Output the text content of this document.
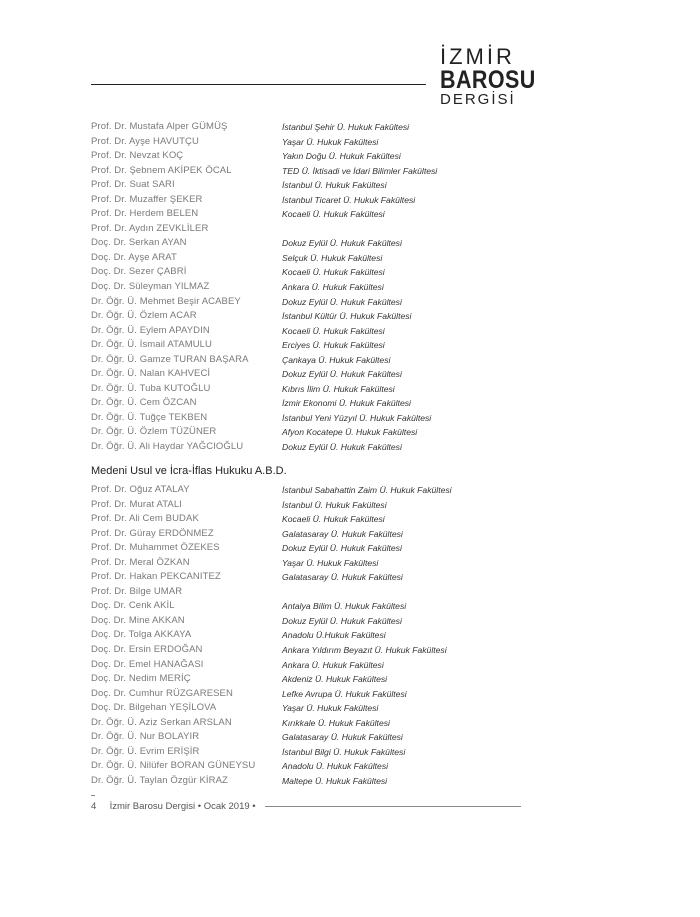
İZMİR
BAROSU
DERGİSİ
Prof. Dr. Mustafa Alper GÜMÜŞ	İstanbul Şehir Ü. Hukuk Fakültesi
Prof. Dr. Ayşe HAVUTÇU	Yaşar Ü. Hukuk Fakültesi
Prof. Dr. Nevzat KOÇ	Yakın Doğu Ü. Hukuk Fakültesi
Prof. Dr. Şebnem AKİPEK ÖCAL	TED Ü. İktisadi ve İdari Bilimler Fakültesi
Prof. Dr. Suat SARI	İstanbul Ü. Hukuk Fakültesi
Prof. Dr. Muzaffer ŞEKER	İstanbul Ticaret Ü. Hukuk Fakültesi
Prof. Dr. Herdem BELEN	Kocaeli Ü. Hukuk Fakültesi
Prof. Dr. Aydın ZEVKLİLER
Doç. Dr. Serkan AYAN	Dokuz Eylül Ü. Hukuk Fakültesi
Doç. Dr. Ayşe ARAT	Selçuk Ü. Hukuk Fakültesi
Doç. Dr. Sezer ÇABRİ	Kocaeli Ü. Hukuk Fakültesi
Doç. Dr. Süleyman YILMAZ	Ankara Ü. Hukuk Fakültesi
Dr. Öğr. Ü. Mehmet Beşir ACABEY	Dokuz Eylül Ü. Hukuk Fakültesi
Dr. Öğr. Ü. Özlem ACAR	İstanbul Kültür Ü. Hukuk Fakültesi
Dr. Öğr. Ü. Eylem APAYDIN	Kocaeli Ü. Hukuk Fakültesi
Dr. Öğr. Ü. İsmail ATAMULU	Erciyes Ü. Hukuk Fakültesi
Dr. Öğr. Ü. Gamze TURAN BAŞARA	Çankaya Ü. Hukuk Fakültesi
Dr. Öğr. Ü. Nalan KAHVECİ	Dokuz Eylül Ü. Hukuk Fakültesi
Dr. Öğr. Ü. Tuba KUTOĞLU	Kıbrıs İlim Ü. Hukuk Fakültesi
Dr. Öğr. Ü. Cem ÖZCAN	İzmir Ekonomi Ü. Hukuk Fakültesi
Dr. Öğr. Ü. Tuğçe TEKBEN	İstanbul Yeni Yüzyıl Ü. Hukuk Fakültesi
Dr. Öğr. Ü. Özlem TÜZÜNER	Afyon Kocatepe Ü. Hukuk Fakültesi
Dr. Öğr. Ü. Ali Haydar YAĞCIOĞLU	Dokuz Eylül Ü. Hukuk Fakültesi
Medeni Usul ve İcra-İflas Hukuku A.B.D.
Prof. Dr. Oğuz ATALAY	İstanbul Sabahattin Zaim Ü. Hukuk Fakültesi
Prof. Dr. Murat ATALI	İstanbul Ü. Hukuk Fakültesi
Prof. Dr. Ali Cem BUDAK	Kocaeli Ü. Hukuk Fakültesi
Prof. Dr. Güray ERDÖNMEZ	Galatasaray Ü. Hukuk Fakültesi
Prof. Dr. Muhammet ÖZEKES	Dokuz Eylül Ü. Hukuk Fakültesi
Prof. Dr. Meral ÖZKAN	Yaşar Ü. Hukuk Fakültesi
Prof. Dr. Hakan PEKCANITEZ	Galatasaray Ü. Hukuk Fakültesi
Prof. Dr. Bilge UMAR
Doç. Dr. Cenk AKİL	Antalya Bilim Ü. Hukuk Fakültesi
Doç. Dr. Mine AKKAN	Dokuz Eylül Ü. Hukuk Fakültesi
Doç. Dr. Tolga AKKAYA	Anadolu Ü.Hukuk Fakültesi
Doç. Dr. Ersin ERDOĞAN	Ankara Yıldırım Beyazıt Ü. Hukuk Fakültesi
Doç. Dr. Emel HANAĞASI	Ankara Ü. Hukuk Fakültesi
Doç. Dr. Nedim MERİÇ	Akdeniz Ü. Hukuk Fakültesi
Doç. Dr. Cumhur RÜZGARESEN	Lefke Avrupa Ü. Hukuk Fakültesi
Doç. Dr. Bilgehan YEŞİLOVA	Yaşar Ü. Hukuk Fakültesi
Dr. Öğr. Ü. Aziz Serkan ARSLAN	Kırıkkale Ü. Hukuk Fakültesi
Dr. Öğr. Ü. Nur BOLAYIR	Galatasaray Ü. Hukuk Fakültesi
Dr. Öğr. Ü. Evrim ERİŞİR	İstanbul Bilgi Ü. Hukuk Fakültesi
Dr. Öğr. Ü. Nilüfer BORAN GÜNEYSU	Anadolu Ü. Hukuk Fakültesi
Dr. Öğr. Ü. Taylan Özgür KİRAZ	Maltepe Ü. Hukuk Fakültesi
4 İzmir Barosu Dergisi • Ocak 2019 •
